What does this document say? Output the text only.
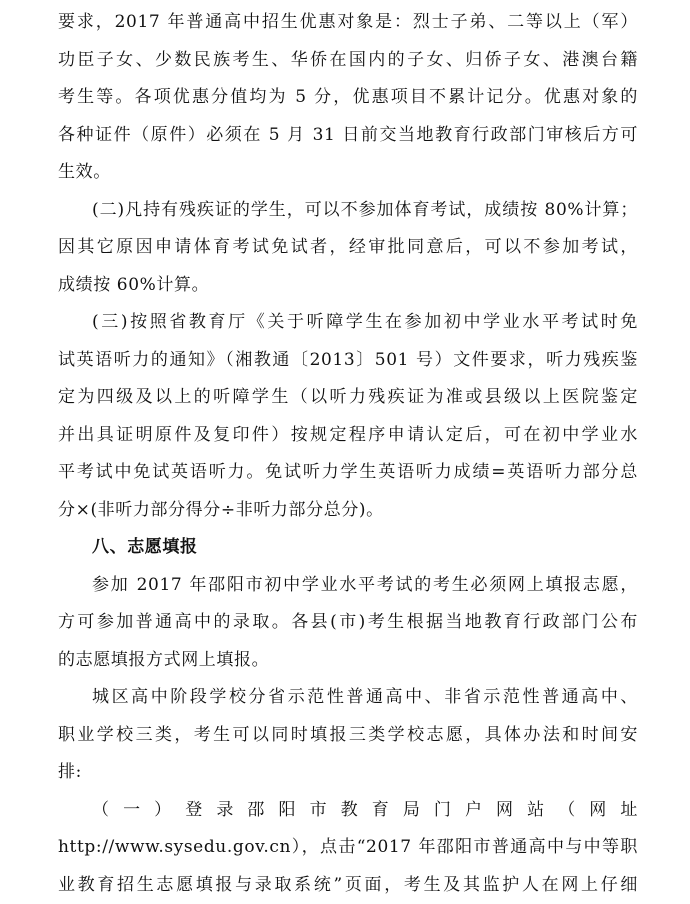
要求，2017 年普通高中招生优惠对象是：烈士子弟、二等以上（军）
功臣子女、少数民族考生、华侨在国内的子女、归侨子女、港澳台籍
考生等。各项优惠分值均为 5 分，优惠项目不累计记分。优惠对象的
各种证件（原件）必须在 5 月 31 日前交当地教育行政部门审核后方可
生效。
(二)凡持有残疾证的学生，可以不参加体育考试，成绩按 80%计算；
因其它原因申请体育考试免试者，经审批同意后，可以不参加考试，
成绩按 60%计算。
(三)按照省教育厅《关于听障学生在参加初中学业水平考试时免
试英语听力的通知》（湘教通〔2013〕501 号）文件要求，听力残疾鉴
定为四级及以上的听障学生（以听力残疾证为准或县级以上医院鉴定
并出具证明原件及复印件）按规定程序申请认定后，可在初中学业水
平考试中免试英语听力。免试听力学生英语听力成绩=英语听力部分总
分×(非听力部分得分÷非听力部分总分)。
八、志愿填报
参加 2017 年邵阳市初中学业水平考试的考生必须网上填报志愿，
方可参加普通高中的录取。各县(市)考生根据当地教育行政部门公布
的志愿填报方式网上填报。
城区高中阶段学校分省示范性普通高中、非省示范性普通高中、
职业学校三类，考生可以同时填报三类学校志愿，具体办法和时间安
排:
（一）登录邵阳市教育局门户网站（网址
http://www.sysedu.gov.cn），点击“2017 年邵阳市普通高中与中等职
业教育招生志愿填报与录取系统”页面，考生及其监护人在网上仔细
